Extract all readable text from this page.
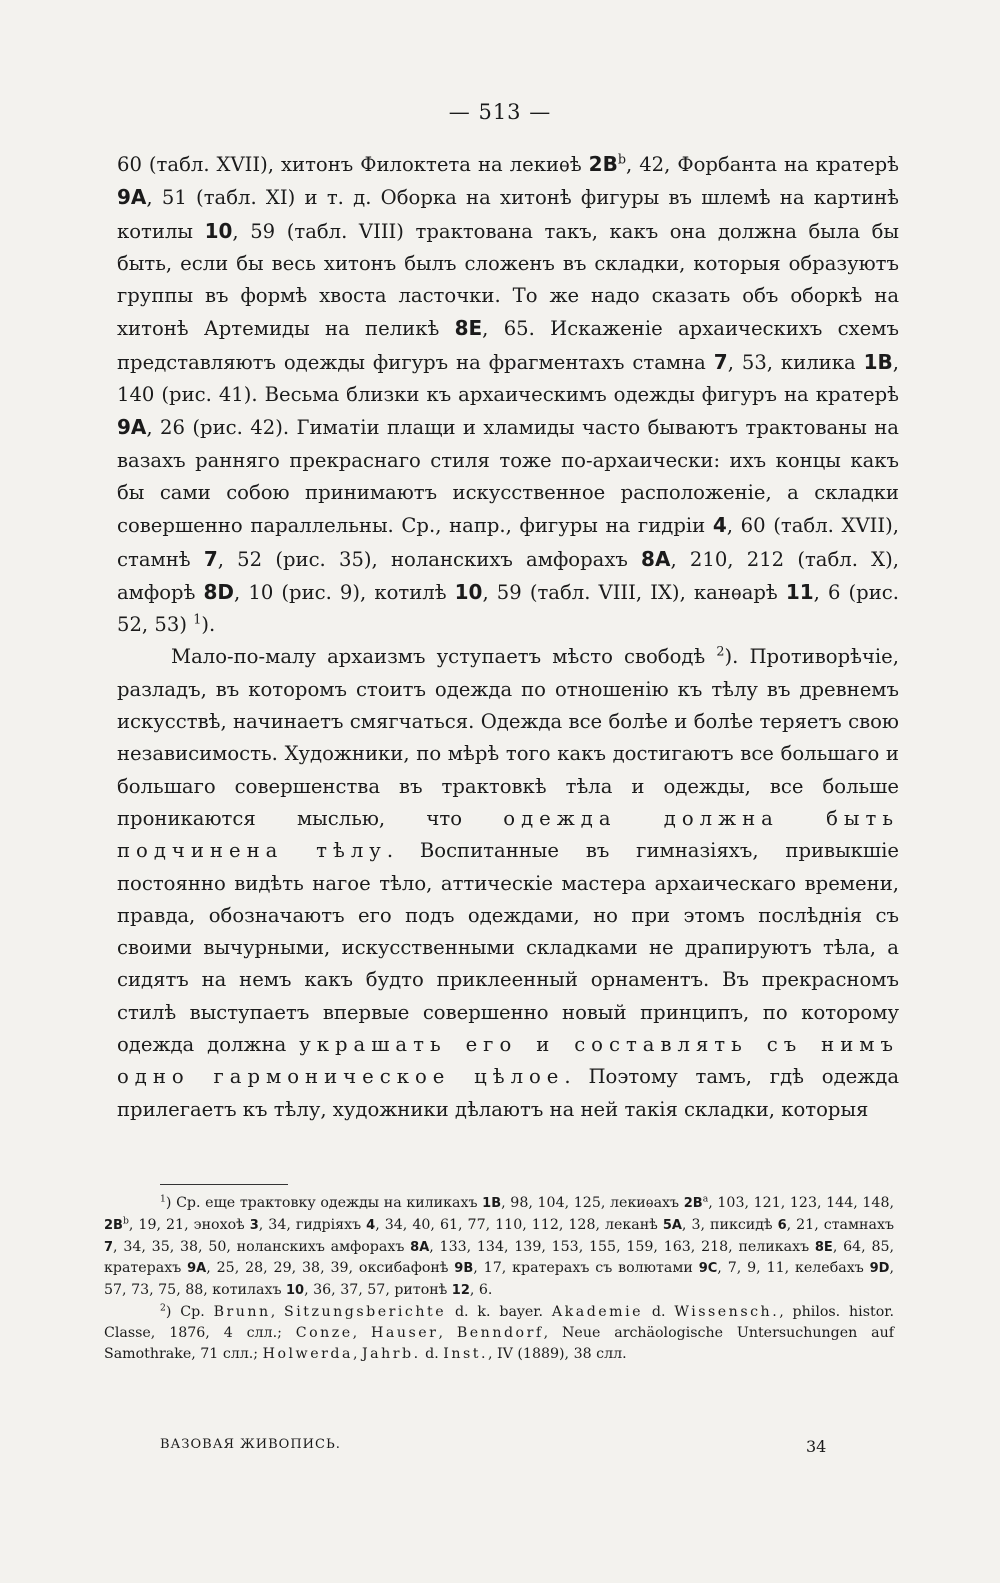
— 513 —

60 (табл. XVII), хитонъ Филоктета на лекиѳѣ $2B^b$, 42, Форбанта на кратерѣ 9A, 51 (табл. XI) и т. д. Оборка на хитонѣ фигуры въ шлемѣ на картинѣ котилы 10, 59 (табл. VIII) трактована такъ, какъ она должна была бы быть, если бы весь хитонъ былъ сложенъ въ складки, которыя образуютъ группы въ формѣ хвоста ласточки. То же надо сказать объ оборкѣ на хитонѣ Артемиды на пеликѣ 8E, 65. Искаженіе архаическихъ схемъ представляютъ одежды фигуръ на фрагментахъ стамна 7, 53, килика 1B, 140 (рис. 41). Весьма близки къ архаическимъ одежды фигуръ на кратерѣ 9A, 26 (рис. 42). Гиматіи плащи и хламиды часто бываютъ трактованы на вазахъ ранняго прекраснаго стиля тоже по-архаически: ихъ концы какъ бы сами собою принимаютъ искусственное расположеніе, а складки совершенно параллельны. Ср., напр., фигуры на гидріи 4, 60 (табл. XVII), стамнѣ 7, 52 (рис. 35), ноланскихъ амфорахъ 8A, 210, 212 (табл. X), амфорѣ 8D, 10 (рис. 9), котилѣ 10, 59 (табл. VIII, IX), канѳарѣ 11, 6 (рис. 52, 53) $^1$).

Мало-по-малу архаизмъ уступаетъ мѣсто свободѣ $^2$). Противорѣчіе, разладъ, въ которомъ стоитъ одежда по отношенію къ тѣлу въ древнемъ искусствѣ, начинаетъ смягчаться. Одежда все болѣе и болѣе теряетъ свою независимость. Художники, по мѣрѣ того какъ достигаютъ все большаго и большаго совершенства въ трактовкѣ тѣла и одежды, все больше проникаются мыслью, что одежда должна быть подчинена тѣлу. Воспитанные въ гимназіяхъ, привыкшіе постоянно видѣть нагое тѣло, аттическіе мастера архаическаго времени, правда, обозначаютъ его подъ одеждами, но при этомъ послѣднія съ своими вычурными, искусственными складками не драпируютъ тѣла, а сидятъ на немъ какъ будто приклеенный орнаментъ. Въ прекрасномъ стилѣ выступаетъ впервые совершенно новый принципъ, по которому одежда должна украшать его и составлять съ нимъ одно гармоническое цѣлое. Поэтому тамъ, гдѣ одежда прилегаетъ къ тѣлу, художники дѣлаютъ на ней такія складки, которыя

$^1$) Ср. еще трактовку одежды на киликахъ 1B, 98, 104, 125, лекиѳахъ $2B^a$, 103, 121, 123, 144, 148, $2B^b$, 19, 21, энохоѣ 3, 34, гидріяхъ 4, 34, 40, 61, 77, 110, 112, 128, леканѣ 5A, 3, пиксидѣ 6, 21, стамнахъ 7, 34, 35, 38, 50, ноланскихъ амфорахъ 8A, 133, 134, 139, 153, 155, 159, 163, 218, пеликахъ 8E, 64, 85, кратерахъ 9A, 25, 28, 29, 38, 39, оксибафонѣ 9B, 17, кратерахъ съ волютами 9C, 7, 9, 11, келебахъ 9D, 57, 73, 75, 88, котилахъ 10, 36, 37, 57, ритонѣ 12, 6.

$^2$) Ср. Brunn, Sitzungsberichte d. k. bayer. Akademie d. Wissensch., philos. histor. Classe, 1876, 4 слл.; Conze, Hauser, Benndorf, Neue archäologische Untersuchungen auf Samothrake, 71 слл.; Holwerda, Jahrb. d. Inst., IV (1889), 38 слл.

ВАЗОВАЯ ЖИВОПИСЬ.	34
